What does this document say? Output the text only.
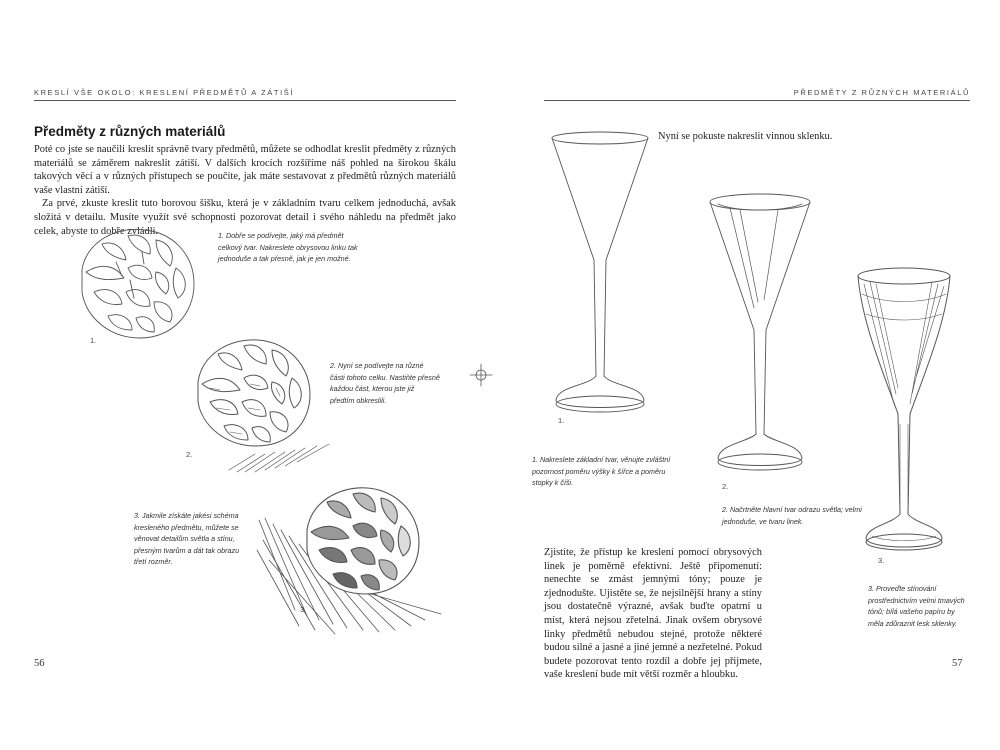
KRESLÍ VŠE OKOLO: KRESLENÍ PŘEDMĚTŮ A ZÁTIŠÍ
Předměty z různých materiálů

Poté co jste se naučili kreslit správně tvary předmětů, můžete se odhodlat kreslit předměty z různých materiálů se záměrem nakreslit zátiší. V dalších krocích rozšíříme náš pohled na širokou škálu takových věcí a v různých přístupech se poučíte, jak máte sestavovat z předmětů různých materiálů vaše vlastní zátiší.

Za prvé, zkuste kreslit tuto borovou šišku, která je v základním tvaru celkem jednoduchá, avšak složitá v detailu. Musíte využít své schopnosti pozorovat detail i svého náhledu na předmět jako celek, abyste to dobře zvládli.

1.
1. Dobře se podívejte, jaký má předmět celkový tvar. Nakreslete obrysovou linku tak jednoduše a tak přesně, jak je jen možné.
2.
2. Nyní se podívejte na různé části tohoto celku. Nastiňte přesně každou část, kterou jste již předtím obkreslili.
3.
3. Jakmile získáte jakési schéma kresleného předmětu, můžete se věnovat detailům světla a stínu, přesným tvarům a dát tak obrazu třetí rozměr.
56
PŘEDMĚTY Z RŮZNÝCH MATERIÁLŮ
Nyní se pokuste nakreslit vinnou sklenku.
1.
1. Nakreslete základní tvar, věnujte zvláštní pozornost poměru výšky k šířce a poměru stopky k číši.	2.
2. Načrtněte hlavní tvar odrazu světla; velmi jednoduše, ve tvaru linek.
3.
3. Proveďte stínování prostřednictvím velmi tmavých tónů; bílá vašeho papíru by měla zdůraznit lesk sklenky.
Zjistíte, že přístup ke kreslení pomocí obrysových linek je poměrně efektivní. Ještě připomenutí: nenechte se zmást jemnými tóny; pouze je zjednodušte. Ujistěte se, že nejsilnější hrany a stíny jsou dostatečně výrazné, avšak buďte opatrní u míst, která nejsou zřetelná. Jinak ovšem obrysové linky předmětů nebudou stejné, protože některé budou silné a jasné a jiné jemné a nezřetelné. Pokud budete pozorovat tento rozdíl a dobře jej přijmete, vaše kreslení bude mít větší rozměr a hloubku.
57
